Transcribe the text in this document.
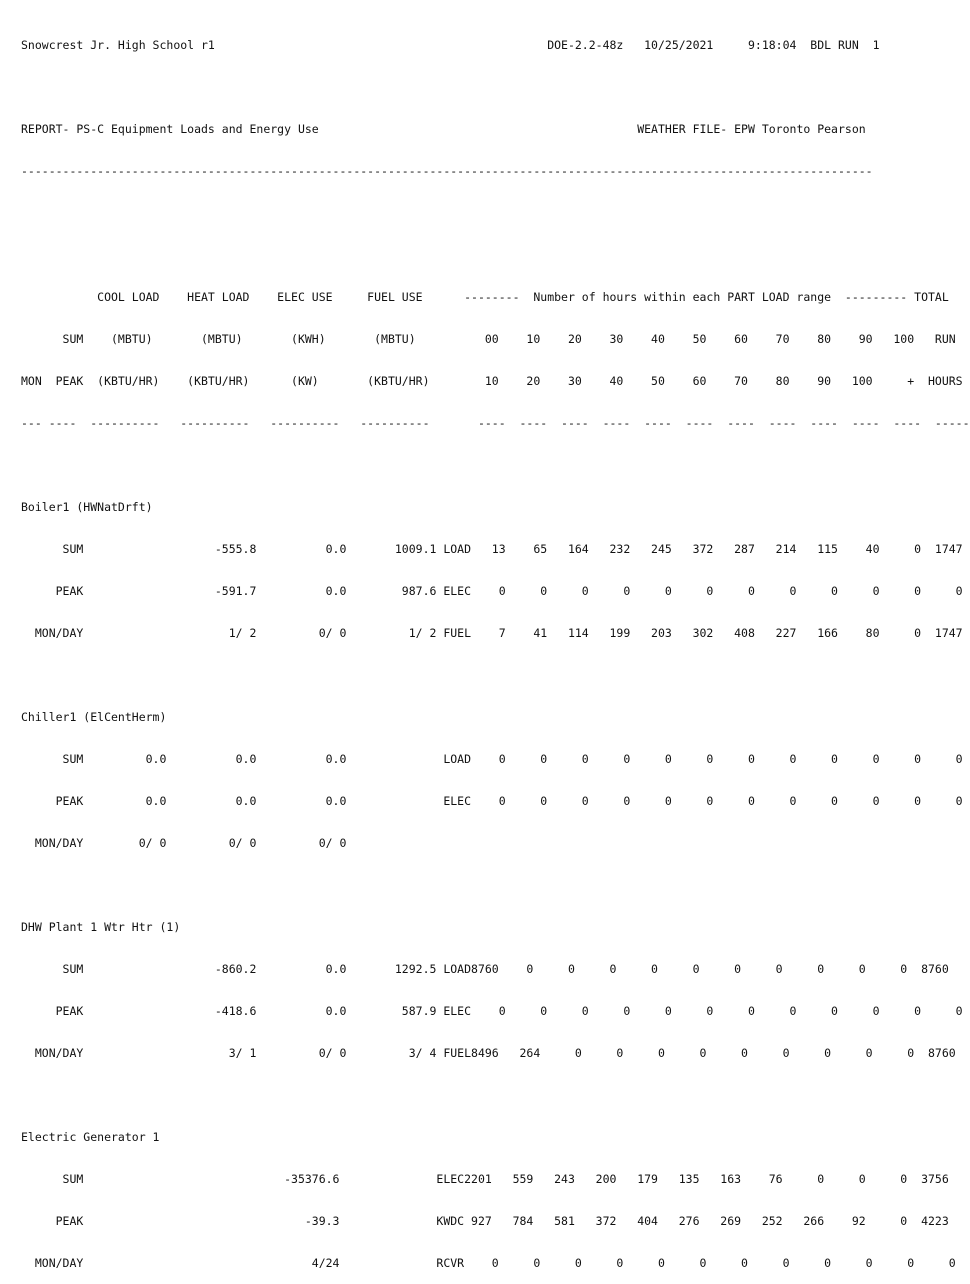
Snowcrest Jr. High School r1                                                DOE-2.2-48z   10/25/2021     9:18:04  BDL RUN  1

REPORT- PS-C Equipment Loads and Energy Use                                              WEATHER FILE- EPW Toronto Pearson

---------------------------------------------------------------------------------------------------------------------------

COOL LOAD    HEAT LOAD    ELEC USE     FUEL USE      --------  Number of hours within each PART LOAD range  --------- TOTAL

SUM    (MBTU)       (MBTU)       (KWH)       (MBTU)          00    10    20    30    40    50    60    70    80    90   100   RUN

MON  PEAK  (KBTU/HR)    (KBTU/HR)      (KW)       (KBTU/HR)        10    20    30    40    50    60    70    80    90   100     +  HOURS

--- ----  ----------   ----------   ----------   ----------       ----  ----  ----  ----  ----  ----  ----  ----  ----  ----  ----  -----

Boiler1 (HWNatDrft)

SUM                   -555.8          0.0       1009.1 LOAD   13    65   164   232   245   372   287   214   115    40     0  1747

PEAK                   -591.7          0.0        987.6 ELEC    0     0     0     0     0     0     0     0     0     0     0     0

MON/DAY                     1/ 2         0/ 0         1/ 2 FUEL    7    41   114   199   203   302   408   227   166    80     0  1747

Chiller1 (ElCentHerm)

SUM         0.0          0.0          0.0              LOAD    0     0     0     0     0     0     0     0     0     0     0     0

PEAK         0.0          0.0          0.0              ELEC    0     0     0     0     0     0     0     0     0     0     0     0

MON/DAY        0/ 0         0/ 0         0/ 0

DHW Plant 1 Wtr Htr (1)

SUM                   -860.2          0.0       1292.5 LOAD8760    0     0     0     0     0     0     0     0     0     0  8760

PEAK                   -418.6          0.0        587.9 ELEC    0     0     0     0     0     0     0     0     0     0     0     0

MON/DAY                     3/ 1         0/ 0         3/ 4 FUEL8496   264     0     0     0     0     0     0     0     0     0  8760

Electric Generator 1

SUM                             -35376.6              ELEC2201   559   243   200   179   135   163    76     0     0     0  3756

PEAK                                -39.3              KWDC 927   784   581   372   404   276   269   252   266    92     0  4223

MON/DAY                                 4/24              RCVR    0     0     0     0     0     0     0     0     0     0     0     0
